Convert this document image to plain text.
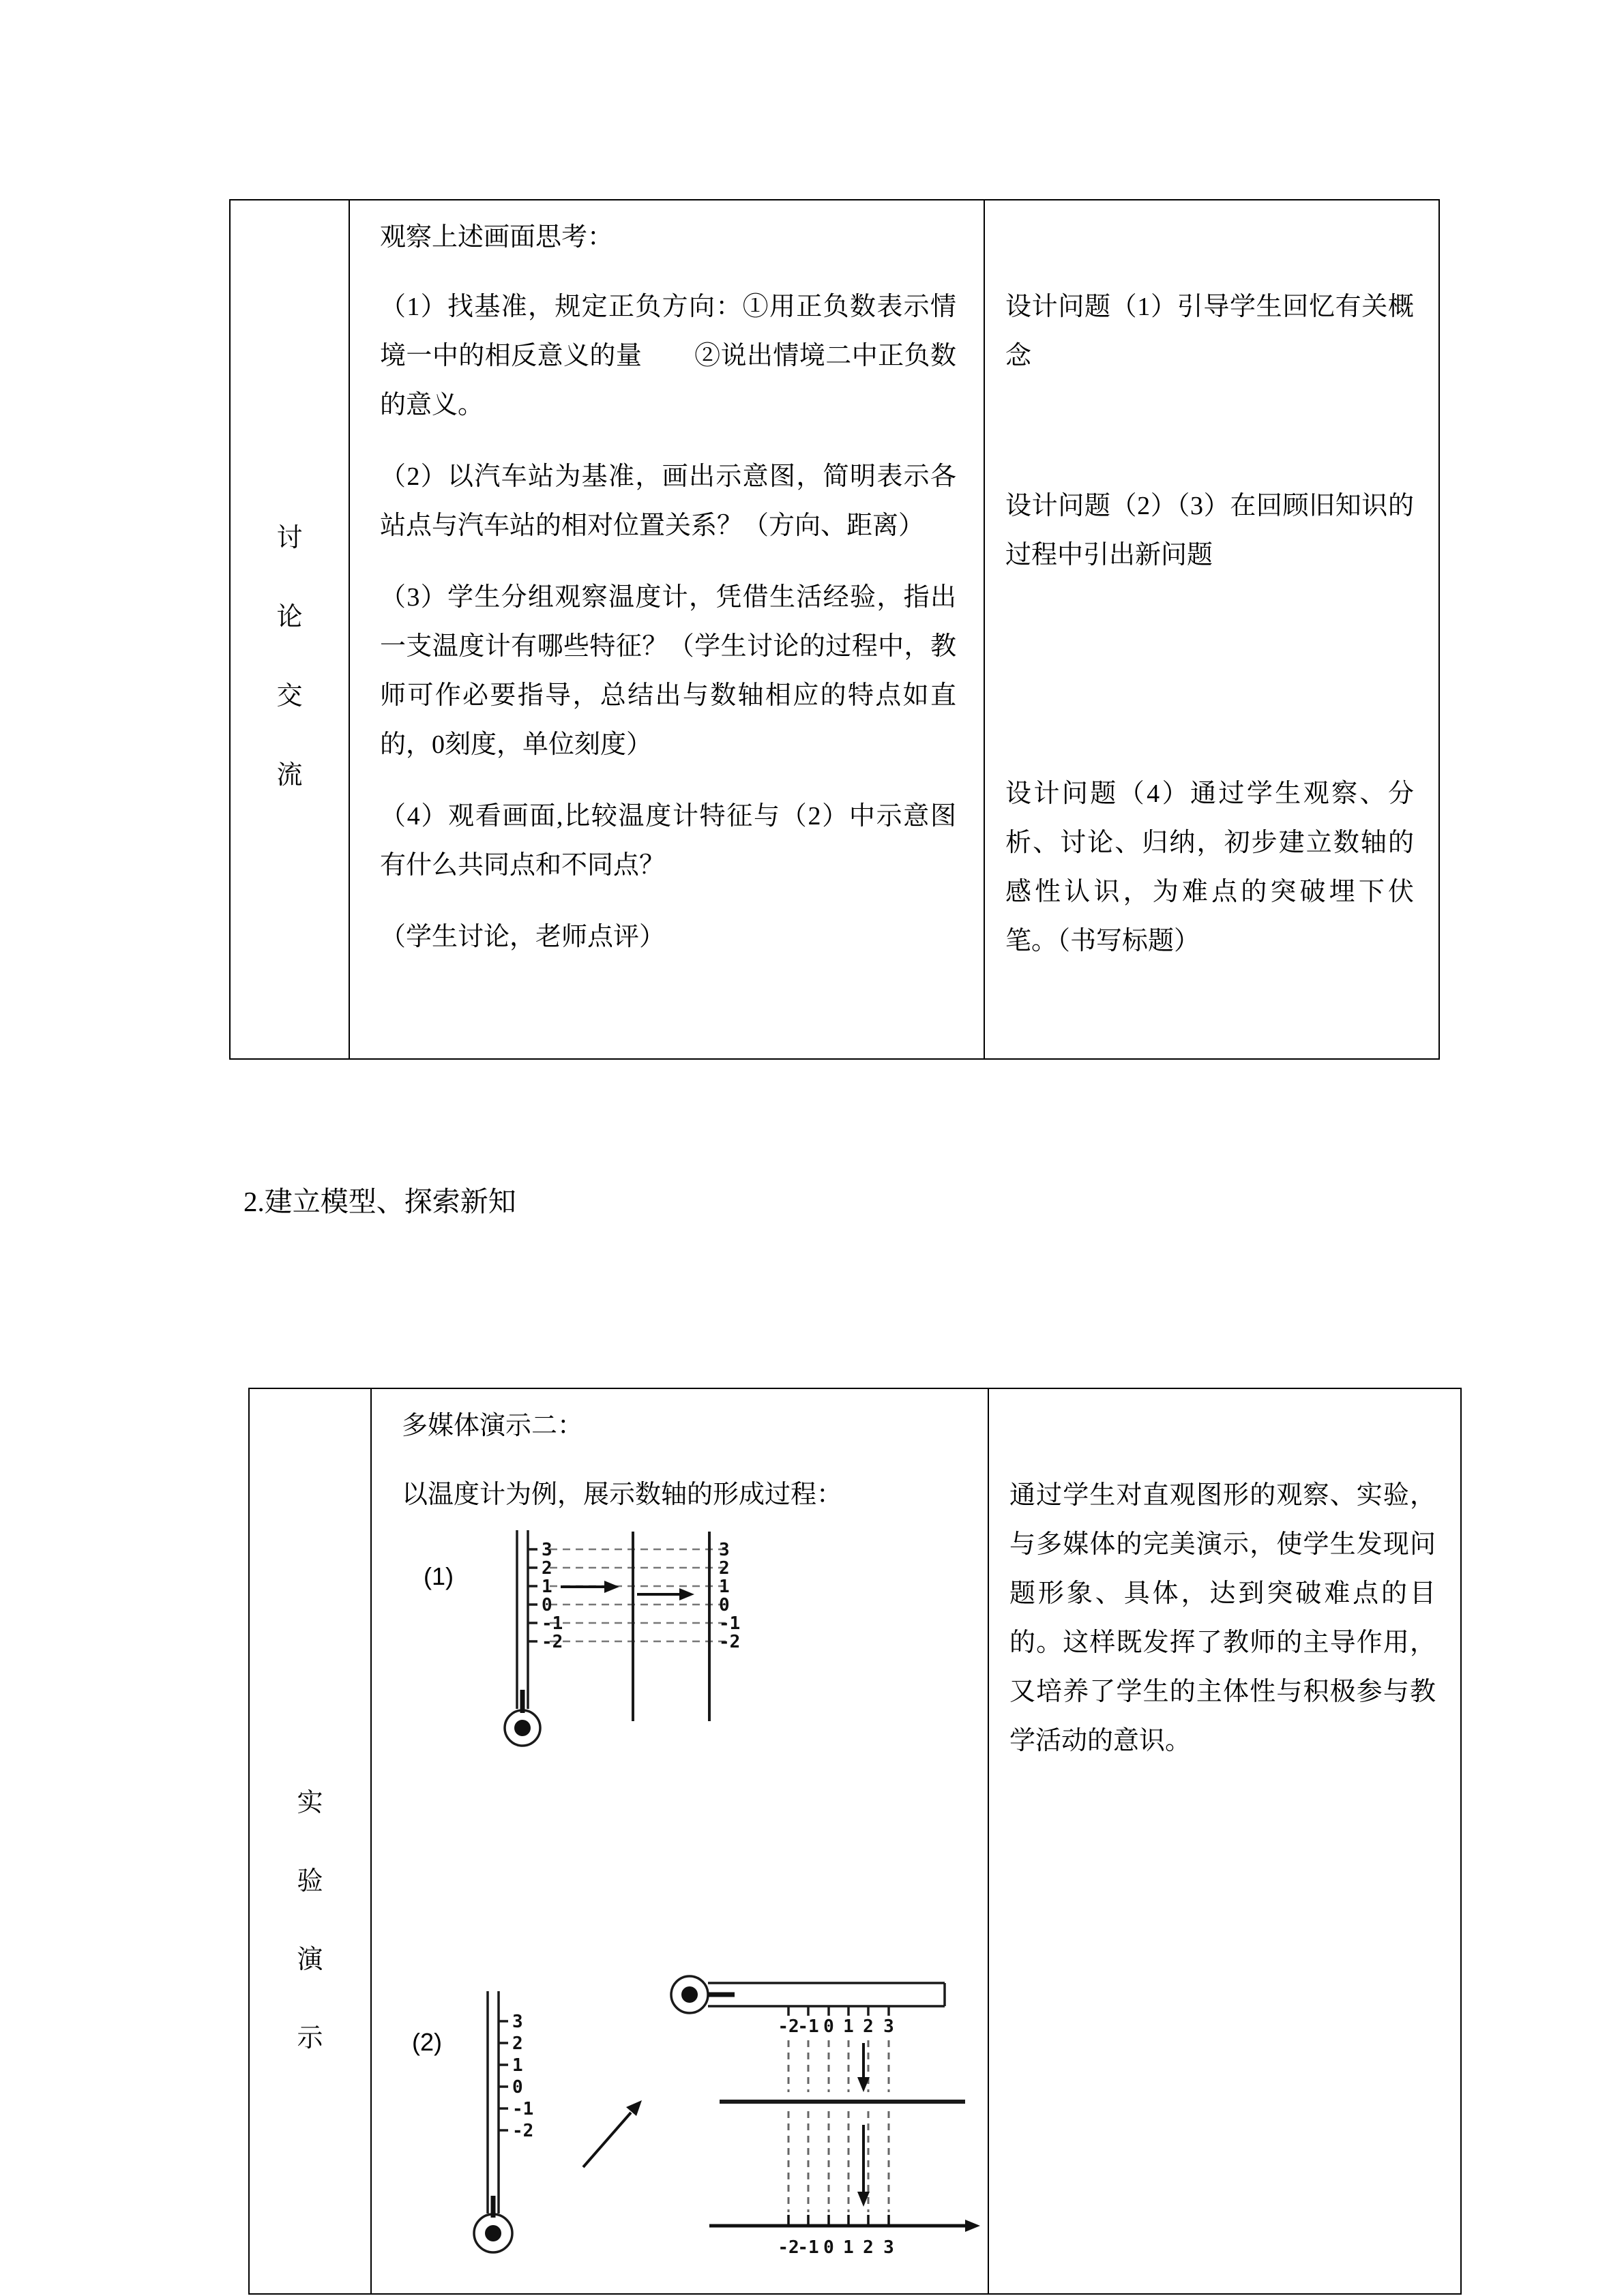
讨
论
交
流

观察上述画面思考：

（1）找基准，规定正负方向：①用正负数表示情境一中的相反意义的量　　②说出情境二中正负数的意义。

（2）以汽车站为基准，画出示意图，简明表示各站点与汽车站的相对位置关系？（方向、距离）

（3）学生分组观察温度计，凭借生活经验，指出一支温度计有哪些特征？（学生讨论的过程中，教师可作必要指导，总结出与数轴相应的特点如直的，0刻度，单位刻度）

（4）观看画面,比较温度计特征与（2）中示意图有什么共同点和不同点？

（学生讨论，老师点评）

设计问题（1）引导学生回忆有关概念

设计问题（2）（3）在回顾旧知识的过程中引出新问题

设计问题（4）通过学生观察、分析、讨论、归纳，初步建立数轴的感性认识，为难点的突破埋下伏笔。（书写标题）

2.建立模型、探索新知
实
验
演
示

多媒体演示二：

以温度计为例，展示数轴的形成过程：

(1)
3
2
1
0
-1
-2
3
2
1
0
-1
-2
(2)
3
2
1
0
-1
-2
-2
-1 0 1 2 3
-2
-1 0 1 2 3

通过学生对直观图形的观察、实验，与多媒体的完美演示，使学生发现问题形象、具体，达到突破难点的目的。这样既发挥了教师的主导作用，又培养了学生的主体性与积极参与教学活动的意识。
